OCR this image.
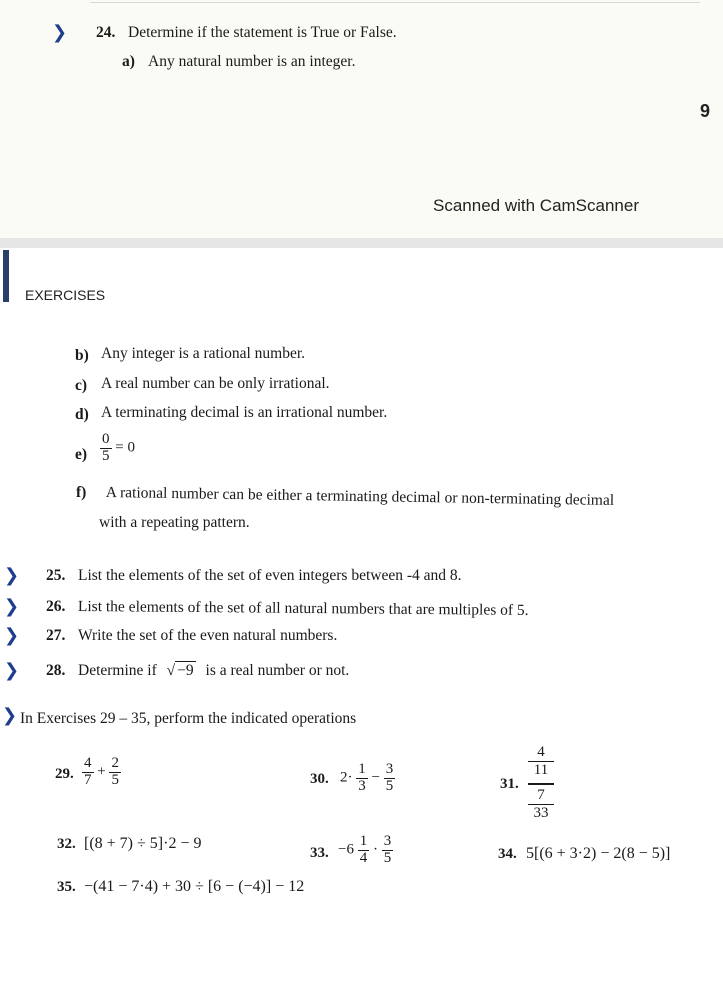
❯ 24. Determine if the statement is True or False.
a) Any natural number is an integer.
9
Scanned with CamScanner
EXERCISES
b) Any integer is a rational number.
c) A real number can be only irrational.
d) A terminating decimal is an irrational number.
$e) \frac{0}{5} = 0$
f) A rational number can be either a terminating decimal or non-terminating decimal
with a repeating pattern.
❯ 25. List the elements of the set of even integers between -4 and 8.
❯ 26. List the elements of the set of all natural numbers that are multiples of 5.
❯ 27. Write the set of the even natural numbers.
❯ 28. Determine if √ −9 is a real number or not.
❯ In Exercises 29 – 35, perform the indicated operations
29. $\frac{4}{7} + \frac{2}{5}$	30. $2\cdot \frac{1}{3} - \frac{3}{5}$	31.
4
11
7
33
32. [(8 + 7) ÷ 5]·2 − 9
33. $-6 \frac{1}{4} \cdot \frac{3}{5}$	34. 5[(6 + 3·2) − 2(8 − 5)]
35. −(41 − 7·4) + 30 ÷ [6 − (−4)] − 12
